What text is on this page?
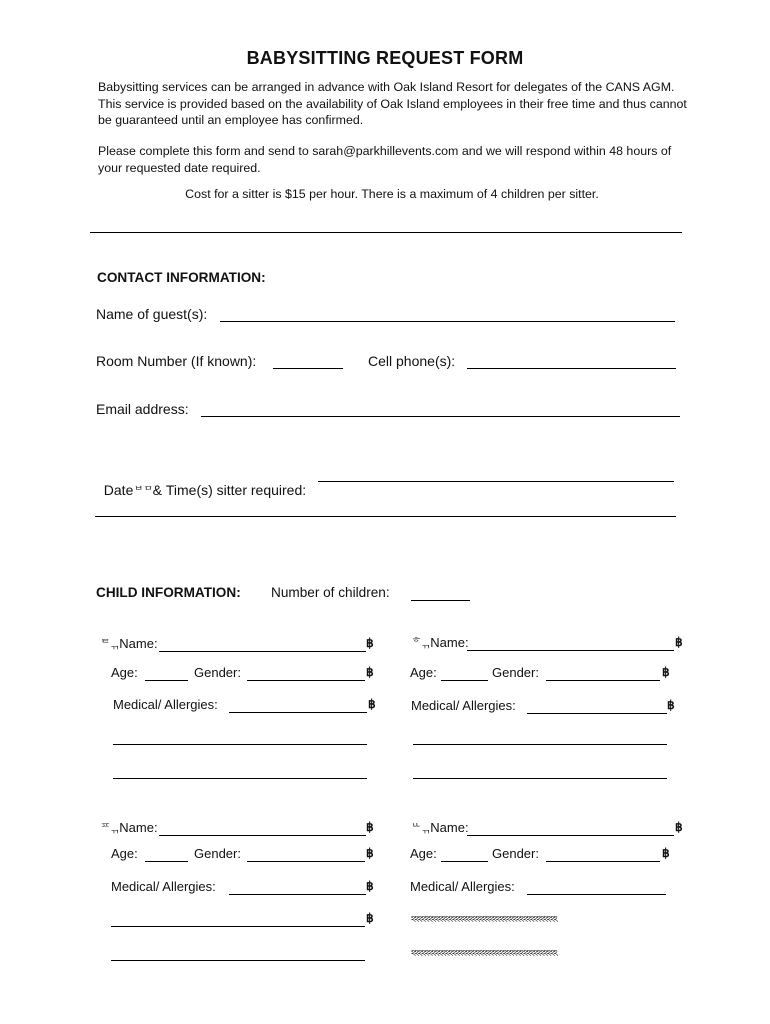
BABYSITTING REQUEST FORM
Babysitting services can be arranged in advance with Oak Island Resort for delegates of the CANS AGM. This service is provided based on the availability of Oak Island employees in their free time and thus cannot be guaranteed until an employee has confirmed.
Please complete this form and send to sarah@parkhillevents.com and we will respond within 48 hours of your requested date required.
Cost for a sitter is $15 per hour. There is a maximum of 4 children per sitter.
CONTACT INFORMATION:
Name of guest(s):
Room Number (If known):	Cell phone(s):
Email address:

Dateᄇᄆ& Time(s) sitter required:

CHILD INFORMATION: Number of children:
ᄐᆩName:	฿
Age:	Gender:	฿
Medical/ Allergies:	฿
ᄒᆩName:	฿
Age:	Gender:	฿
Medical/ Allergies:	฿
ᄑᆩName:	฿
Age:	Gender:	฿
Medical/ Allergies:	฿
฿
ᄔᆩName:	฿
Age:	Gender:	฿
Medical/ Allergies:
ঽঽঽঽঽঽঽঽঽঽঽঽঽঽঽঽঽঽঽঽঽঽঽঽঽঽঽঽঽঽঽঽঽঽঽঽঽঽঽঽঽঽঽ
ঽঽঽঽঽঽঽঽঽঽঽঽঽঽঽঽঽঽঽঽঽঽঽঽঽঽঽঽঽঽঽঽঽঽঽঽঽঽঽঽঽঽঽ
